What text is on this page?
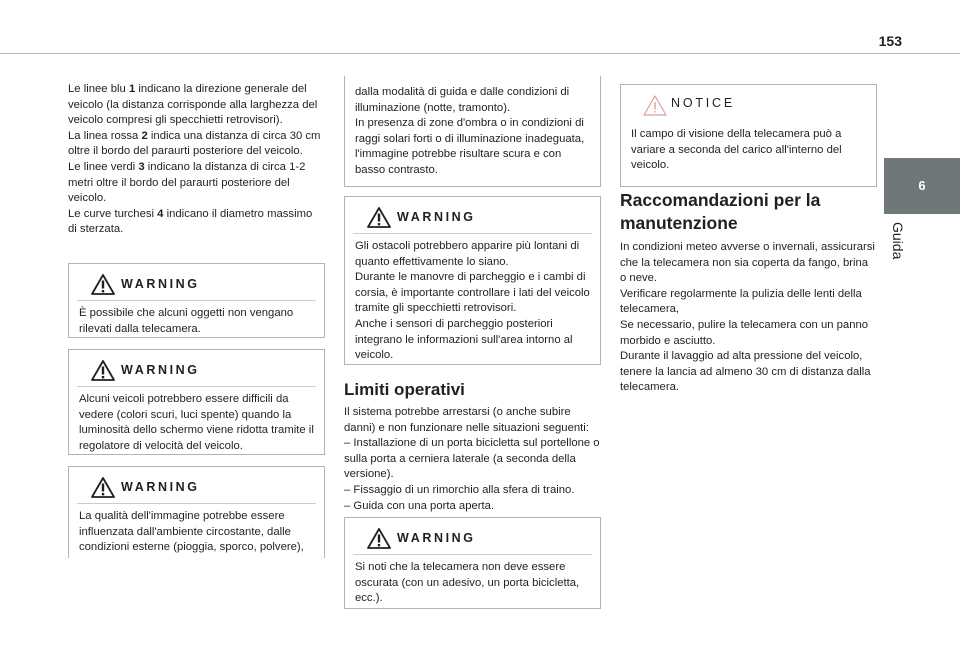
153
6
Guida

Le linee blu 1 indicano la direzione generale del veicolo (la distanza corrisponde alla larghezza del veicolo compresi gli specchietti retrovisori).

La linea rossa 2 indica una distanza di circa 30 cm oltre il bordo del paraurti posteriore del veicolo.

Le linee verdi 3 indicano la distanza di circa 1-2 metri oltre il bordo del paraurti posteriore del veicolo.

Le curve turchesi 4 indicano il diametro massimo di sterzata.

WARNING
È possibile che alcuni oggetti non vengano rilevati dalla telecamera.
WARNING
Alcuni veicoli potrebbero essere difficili da vedere (colori scuri, luci spente) quando la luminosità dello schermo viene ridotta tramite il regolatore di velocità del veicolo.
WARNING
La qualità dell'immagine potrebbe essere influenzata dall'ambiente circostante, dalle condizioni esterne (pioggia, sporco, polvere),
dalla modalità di guida e dalle condizioni di illuminazione (notte, tramonto).
In presenza di zone d'ombra o in condizioni di raggi solari forti o di illuminazione inadeguata, l'immagine potrebbe risultare scura e con basso contrasto.
WARNING
Gli ostacoli potrebbero apparire più lontani di quanto effettivamente lo siano.
Durante le manovre di parcheggio e i cambi di corsia, è importante controllare i lati del veicolo tramite gli specchietti retrovisori.
Anche i sensori di parcheggio posteriori integrano le informazioni sull'area intorno al veicolo.
Limiti operativi

Il sistema potrebbe arrestarsi (o anche subire danni) e non funzionare nelle situazioni seguenti:

– Installazione di un porta bicicletta sul portellone o sulla porta a cerniera laterale (a seconda della versione).

– Fissaggio di un rimorchio alla sfera di traino.

– Guida con una porta aperta.

WARNING
Si noti che la telecamera non deve essere oscurata (con un adesivo, un porta bicicletta, ecc.).
NOTICE
Il campo di visione della telecamera può a variare a seconda del carico all'interno del veicolo.
Raccomandazioni per la manutenzione

In condizioni meteo avverse o invernali, assicurarsi che la telecamera non sia coperta da fango, brina o neve.

Verificare regolarmente la pulizia delle lenti della telecamera,

Se necessario, pulire la telecamera con un panno morbido e asciutto.

Durante il lavaggio ad alta pressione del veicolo, tenere la lancia ad almeno 30 cm di distanza dalla telecamera.
